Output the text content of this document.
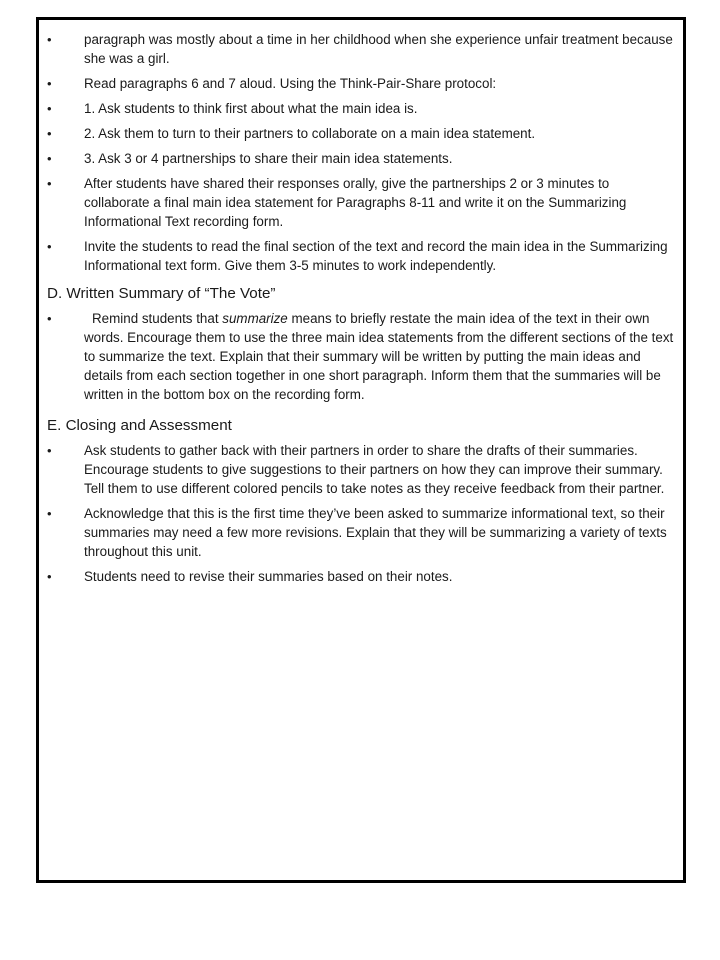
• paragraph was mostly about a time in her childhood when she experience unfair treatment because she was a girl.
• Read paragraphs 6 and 7 aloud. Using the Think-Pair-Share protocol:
• 1. Ask students to think first about what the main idea is.
• 2. Ask them to turn to their partners to collaborate on a main idea statement.
• 3. Ask 3 or 4 partnerships to share their main idea statements.
• After students have shared their responses orally, give the partnerships 2 or 3 minutes to collaborate a final main idea statement for Paragraphs 8-11 and write it on the Summarizing Informational Text recording form.
• Invite the students to read the final section of the text and record the main idea in the Summarizing Informational text form. Give them 3-5 minutes to work independently.
D. Written Summary of “The Vote”
•	Remind students that summarize means to briefly restate the main idea of the text in their own words. Encourage them to use the three main idea statements from the different sections of the text to summarize the text. Explain that their summary will be written by putting the main ideas and details from each section together in one short paragraph. Inform them that the summaries will be written in the bottom box on the recording form.
E. Closing and Assessment
• Ask students to gather back with their partners in order to share the drafts of their summaries. Encourage students to give suggestions to their partners on how they can improve their summary. Tell them to use different colored pencils to take notes as they receive feedback from their partner.
• Acknowledge that this is the first time they’ve been asked to summarize informational text, so their summaries may need a few more revisions. Explain that they will be summarizing a variety of texts throughout this unit.
• Students need to revise their summaries based on their notes.
